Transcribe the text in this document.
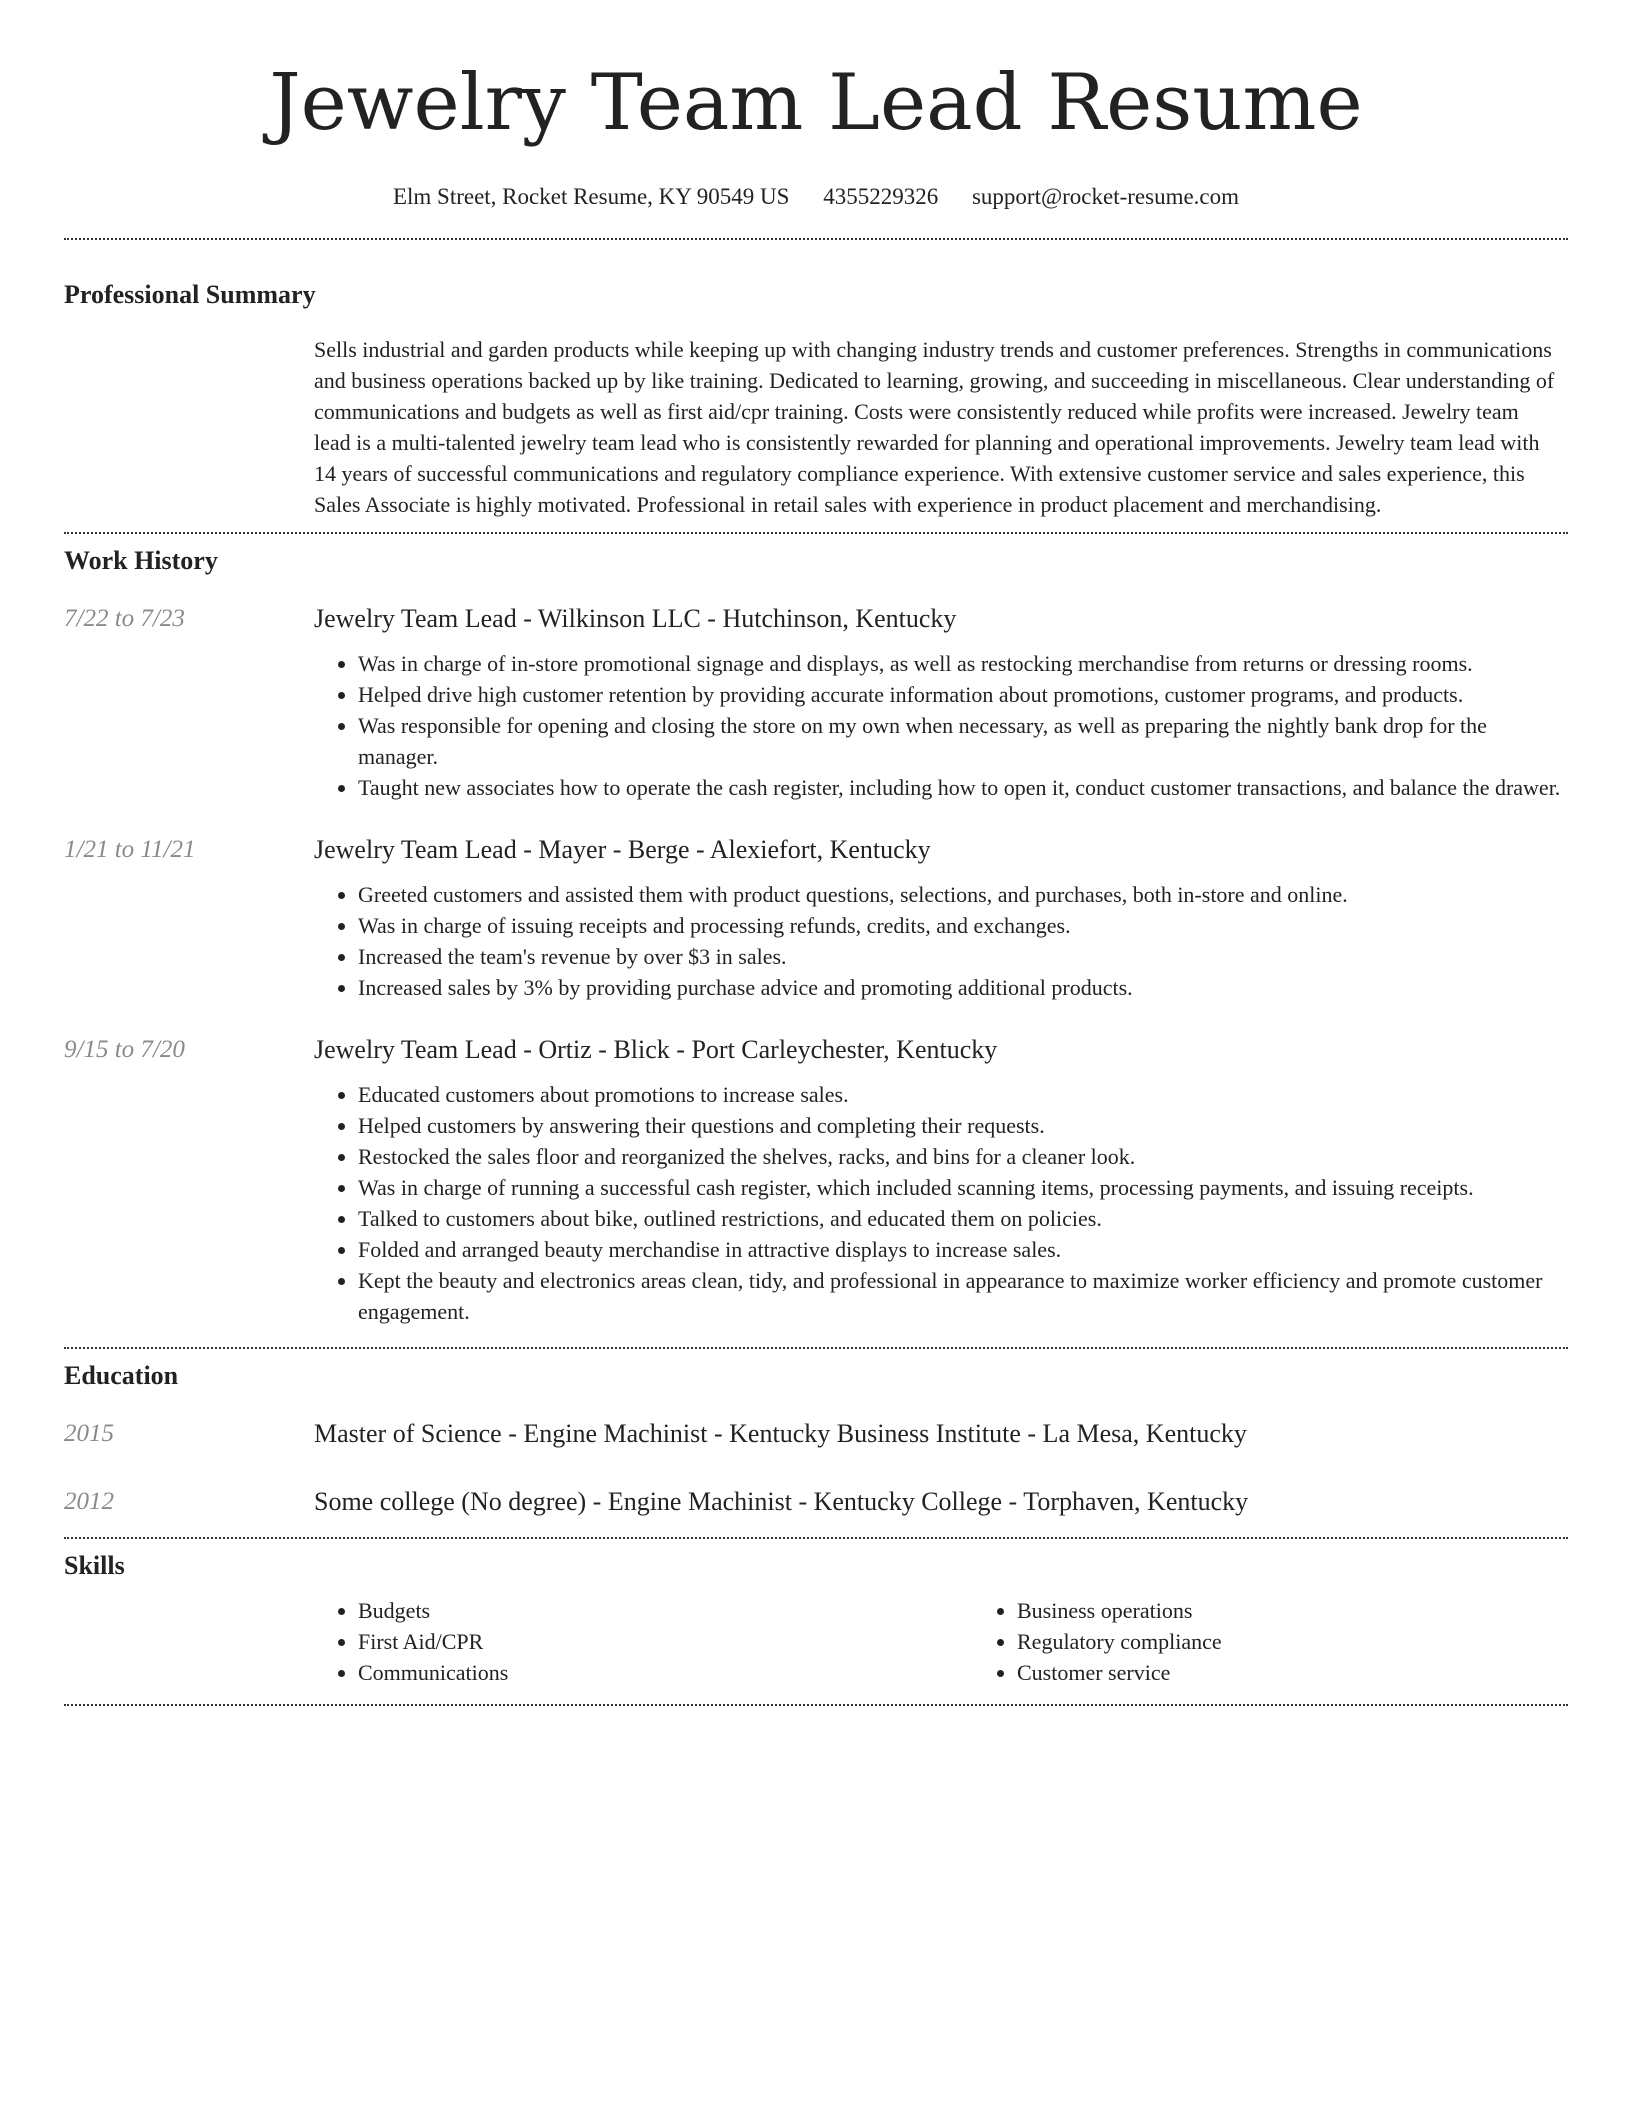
Jewelry Team Lead Resume
Elm Street, Rocket Resume, KY 90549 US 4355229326 support@rocket-resume.com
Professional Summary

Sells industrial and garden products while keeping up with changing industry trends and customer preferences. Strengths in communications and business operations backed up by like training. Dedicated to learning, growing, and succeeding in miscellaneous. Clear understanding of communications and budgets as well as first aid/cpr training. Costs were consistently reduced while profits were increased. Jewelry team lead is a multi-talented jewelry team lead who is consistently rewarded for planning and operational improvements. Jewelry team lead with 14 years of successful communications and regulatory compliance experience. With extensive customer service and sales experience, this Sales Associate is highly motivated. Professional in retail sales with experience in product placement and merchandising.

Work History
7/22 to 7/23	Jewelry Team Lead - Wilkinson LLC - Hutchinson, Kentucky
• Was in charge of in-store promotional signage and displays, as well as restocking merchandise from returns or dressing rooms.
• Helped drive high customer retention by providing accurate information about promotions, customer programs, and products.
• Was responsible for opening and closing the store on my own when necessary, as well as preparing the nightly bank drop for the manager.
• Taught new associates how to operate the cash register, including how to open it, conduct customer transactions, and balance the drawer.
1/21 to 11/21	Jewelry Team Lead - Mayer - Berge - Alexiefort, Kentucky
• Greeted customers and assisted them with product questions, selections, and purchases, both in-store and online.
• Was in charge of issuing receipts and processing refunds, credits, and exchanges.
• Increased the team's revenue by over $3 in sales.
• Increased sales by 3% by providing purchase advice and promoting additional products.
9/15 to 7/20	Jewelry Team Lead - Ortiz - Blick - Port Carleychester, Kentucky
• Educated customers about promotions to increase sales.
• Helped customers by answering their questions and completing their requests.
• Restocked the sales floor and reorganized the shelves, racks, and bins for a cleaner look.
• Was in charge of running a successful cash register, which included scanning items, processing payments, and issuing receipts.
• Talked to customers about bike, outlined restrictions, and educated them on policies.
• Folded and arranged beauty merchandise in attractive displays to increase sales.
• Kept the beauty and electronics areas clean, tidy, and professional in appearance to maximize worker efficiency and promote customer engagement.
Education
2015	Master of Science - Engine Machinist - Kentucky Business Institute - La Mesa, Kentucky
2012	Some college (No degree) - Engine Machinist - Kentucky College - Torphaven, Kentucky
Skills
• Budgets
• First Aid/CPR
• Communications
• Business operations
• Regulatory compliance
• Customer service
